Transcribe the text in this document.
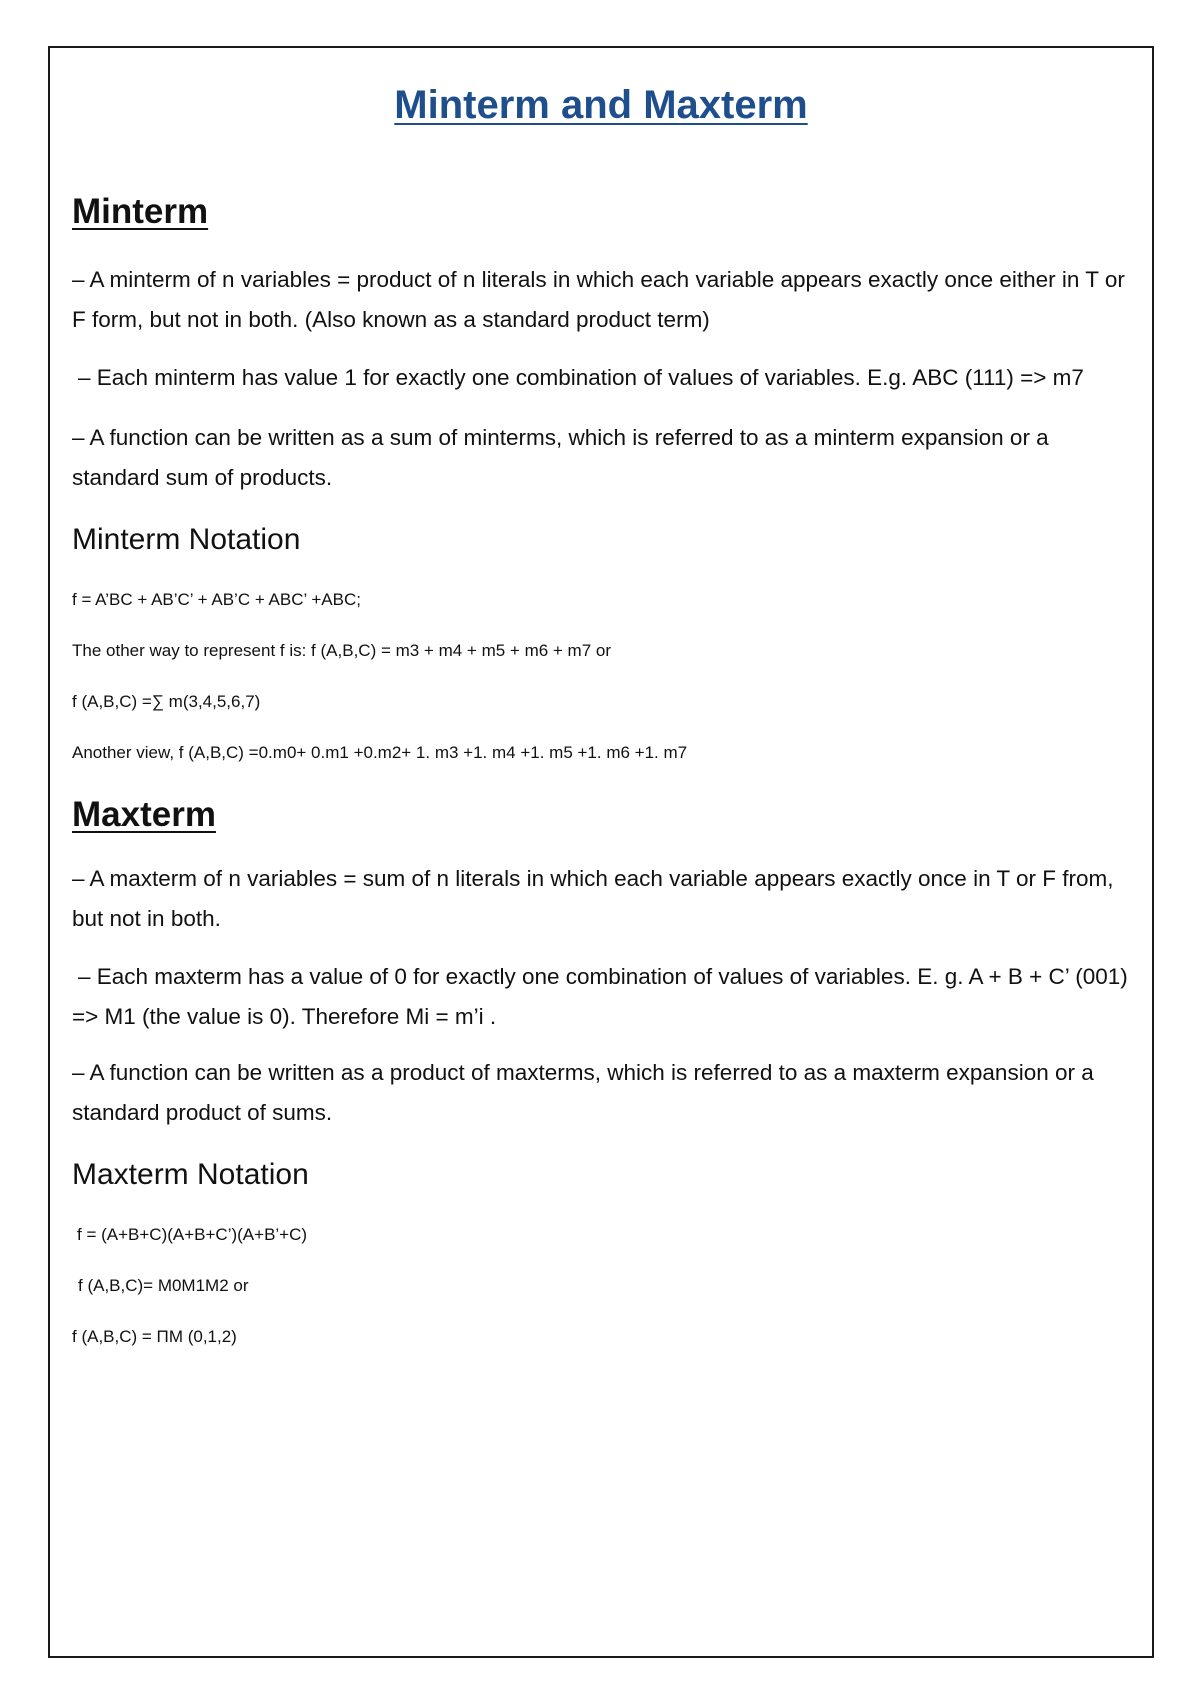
Minterm and Maxterm
Minterm

– A minterm of n variables = product of n literals in which each variable appears exactly once either in T or F form, but not in both. (Also known as a standard product term)

– Each minterm has value 1 for exactly one combination of values of variables. E.g. ABC (111) => m7

– A function can be written as a sum of minterms, which is referred to as a minterm expansion or a standard sum of products.

Minterm Notation

f = A’BC + AB’C’ + AB’C + ABC’ +ABC;

The other way to represent f is: f (A,B,C) = m3 + m4 + m5 + m6 + m7 or

f (A,B,C) =∑ m(3,4,5,6,7)

Another view, f (A,B,C) =0.m0+ 0.m1 +0.m2+ 1. m3 +1. m4 +1. m5 +1. m6 +1. m7

Maxterm

– A maxterm of n variables = sum of n literals in which each variable appears exactly once in T or F from, but not in both.

– Each maxterm has a value of 0 for exactly one combination of values of variables. E. g. A + B + C’ (001) => M1 (the value is 0). Therefore Mi = m’i .

– A function can be written as a product of maxterms, which is referred to as a maxterm expansion or a standard product of sums.

Maxterm Notation

f = (A+B+C)(A+B+C’)(A+B’+C)

f (A,B,C)= M0M1M2 or

f (A,B,C) = ΠM (0,1,2)
